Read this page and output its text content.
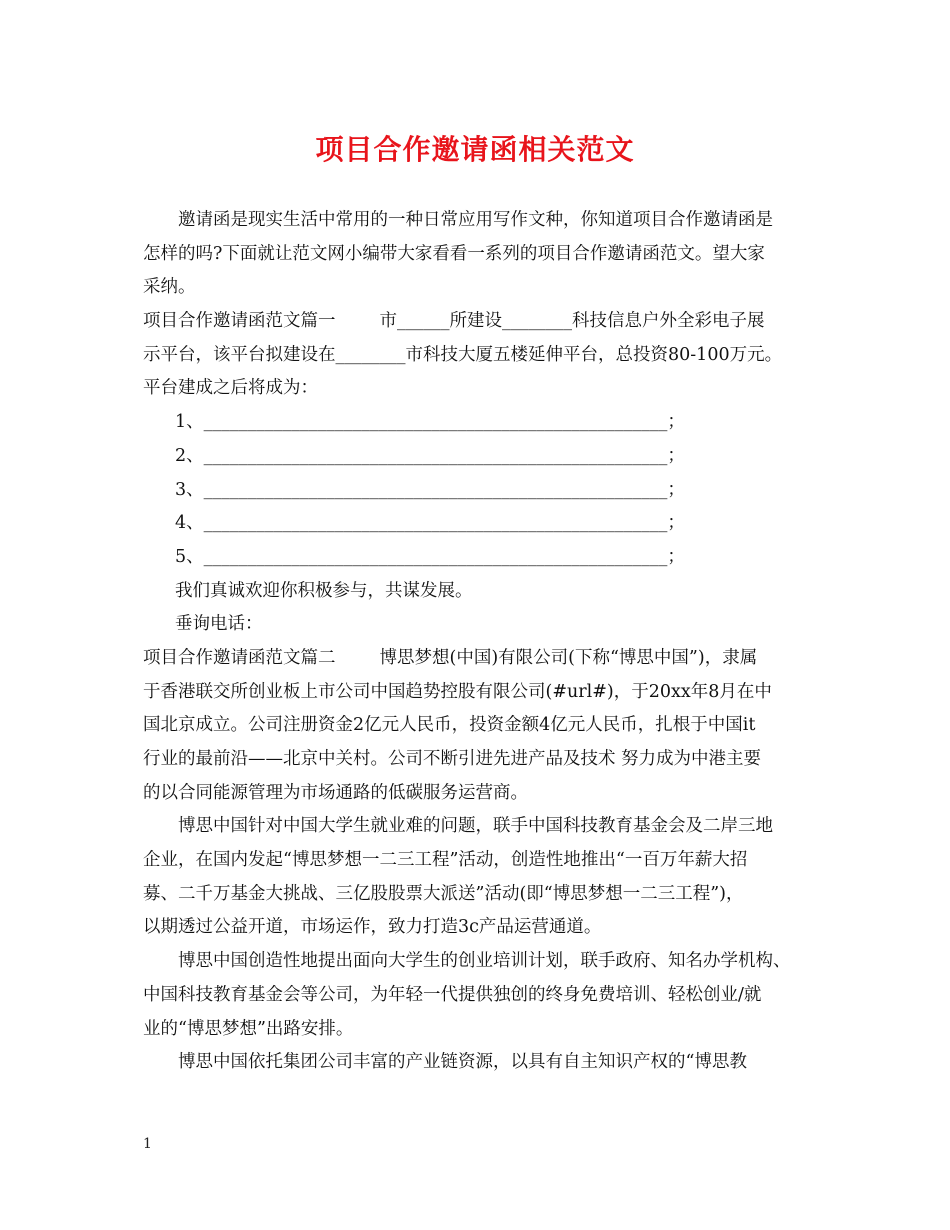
项目合作邀请函相关范文
邀请函是现实生活中常用的一种日常应用写作文种，你知道项目合作邀请函是
怎样的吗?下面就让范文网小编带大家看看一系列的项目合作邀请函范文。望大家
采纳。
项目合作邀请函范文篇一	市______所建设________科技信息户外全彩电子展
示平台，该平台拟建设在________市科技大厦五楼延伸平台，总投资80-100万元。
平台建成之后将成为：
1、_____________________________________________________；
2、_____________________________________________________；
3、_____________________________________________________；
4、_____________________________________________________；
5、_____________________________________________________；
我们真诚欢迎你积极参与，共谋发展。
垂询电话：
项目合作邀请函范文篇二	博思梦想(中国)有限公司(下称“博思中国”)，隶属
于香港联交所创业板上市公司中国趋势控股有限公司(#url#)，于20xx年8月在中
国北京成立。公司注册资金2亿元人民币，投资金额4亿元人民币，扎根于中国it
行业的最前沿——北京中关村。公司不断引进先进产品及技术 努力成为中港主要
的以合同能源管理为市场通路的低碳服务运营商。
博思中国针对中国大学生就业难的问题，联手中国科技教育基金会及二岸三地
企业，在国内发起“博思梦想一二三工程”活动，创造性地推出“一百万年薪大招
募、二千万基金大挑战、三亿股股票大派送”活动(即“博思梦想一二三工程”)，
以期透过公益开道，市场运作，致力打造3c产品运营通道。
博思中国创造性地提出面向大学生的创业培训计划，联手政府、知名办学机构、
中国科技教育基金会等公司，为年轻一代提供独创的终身免费培训、轻松创业/就
业的“博思梦想”出路安排。
博思中国依托集团公司丰富的产业链资源，以具有自主知识产权的“博思教
1
